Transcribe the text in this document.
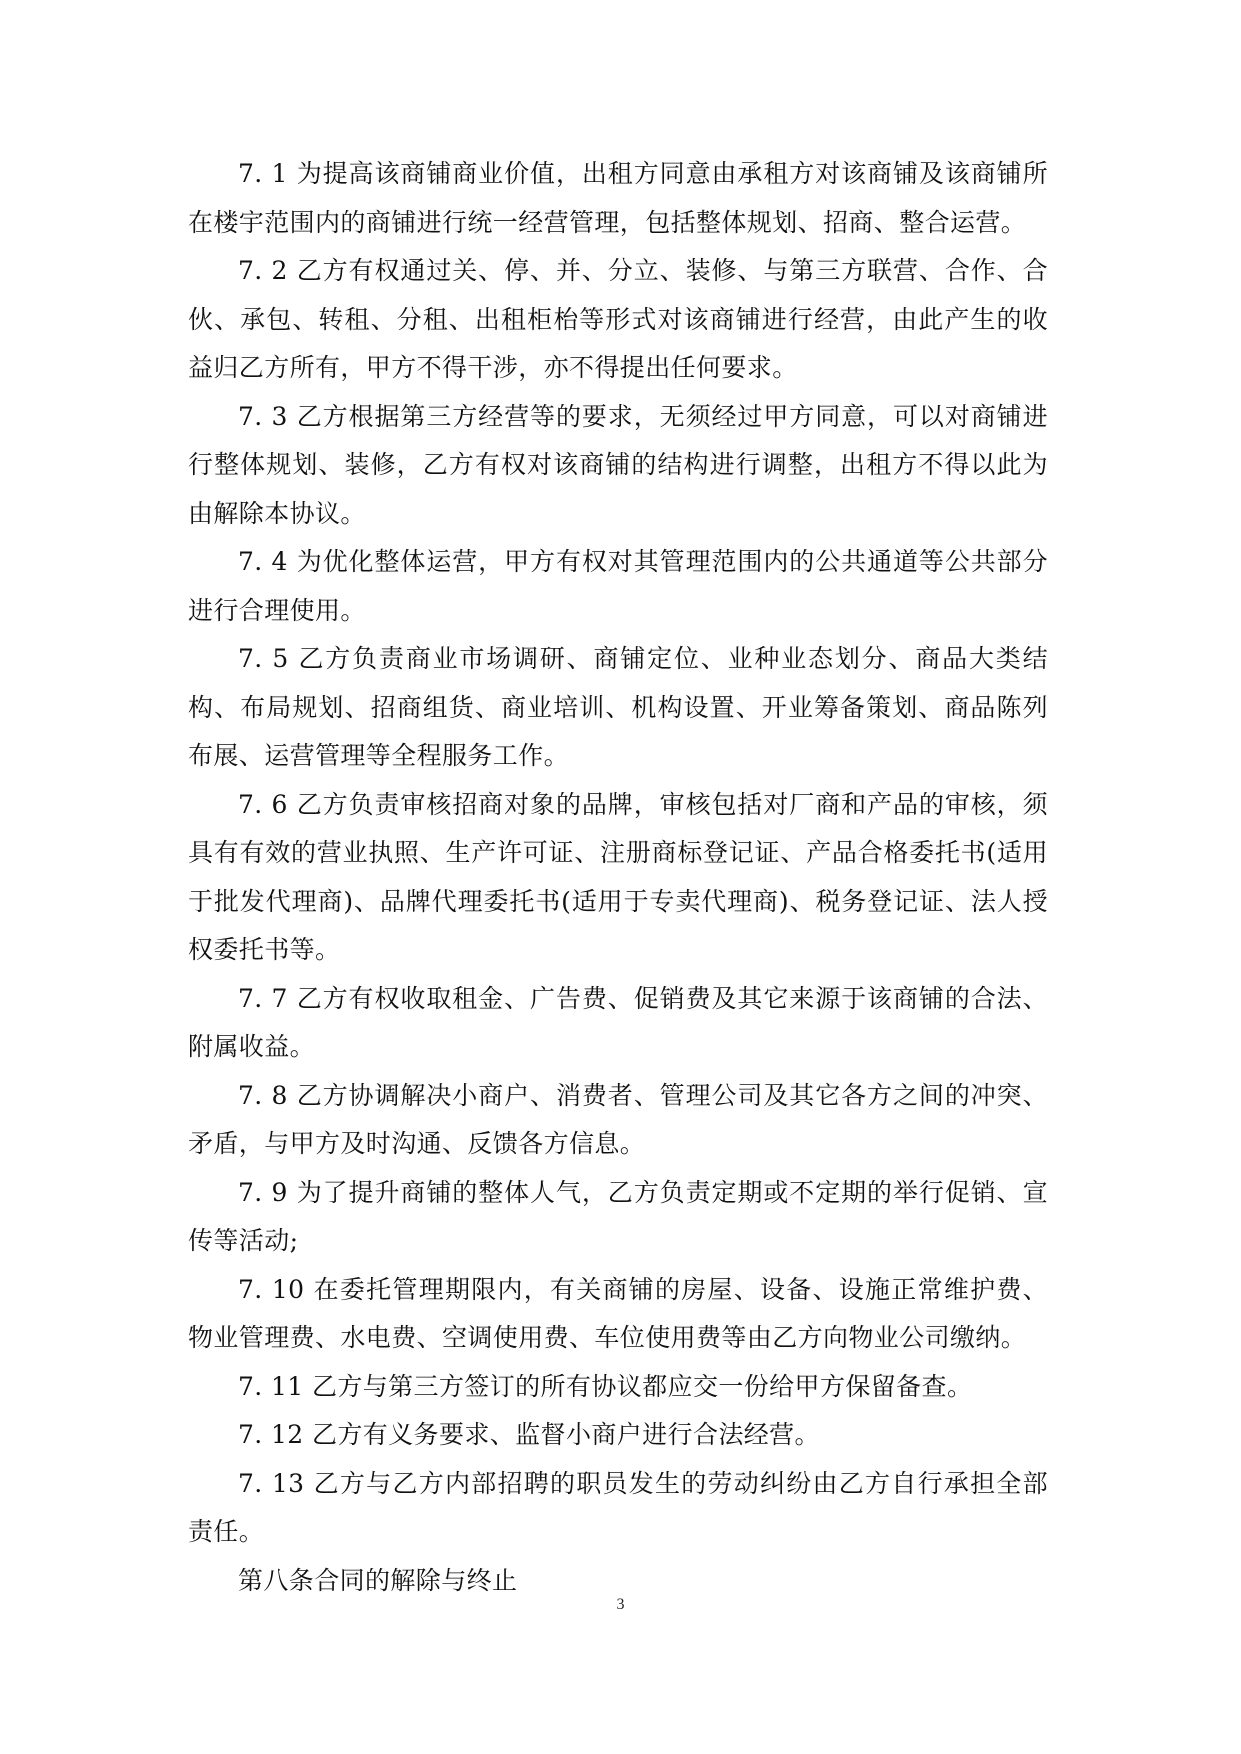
7. 1 为提高该商铺商业价值，出租方同意由承租方对该商铺及该商铺所在楼宇范围内的商铺进行统一经营管理，包括整体规划、招商、整合运营。

7. 2 乙方有权通过关、停、并、分立、装修、与第三方联营、合作、合伙、承包、转租、分租、出租柜枱等形式对该商铺进行经营，由此产生的收益归乙方所有，甲方不得干涉，亦不得提出任何要求。

7. 3 乙方根据第三方经营等的要求，无须经过甲方同意，可以对商铺进行整体规划、装修，乙方有权对该商铺的结构进行调整，出租方不得以此为由解除本协议。

7. 4 为优化整体运营，甲方有权对其管理范围内的公共通道等公共部分进行合理使用。

7. 5 乙方负责商业市场调研、商铺定位、业种业态划分、商品大类结构、布局规划、招商组货、商业培训、机构设置、开业筹备策划、商品陈列布展、运营管理等全程服务工作。

7. 6 乙方负责审核招商对象的品牌，审核包括对厂商和产品的审核，须具有有效的营业执照、生产许可证、注册商标登记证、产品合格委托书(适用于批发代理商)、品牌代理委托书(适用于专卖代理商)、税务登记证、法人授权委托书等。

7. 7 乙方有权收取租金、广告费、促销费及其它来源于该商铺的合法、附属收益。

7. 8 乙方协调解决小商户、消费者、管理公司及其它各方之间的冲突、矛盾，与甲方及时沟通、反馈各方信息。

7. 9 为了提升商铺的整体人气，乙方负责定期或不定期的举行促销、宣传等活动;

7. 10 在委托管理期限内，有关商铺的房屋、设备、设施正常维护费、物业管理费、水电费、空调使用费、车位使用费等由乙方向物业公司缴纳。

7. 11 乙方与第三方签订的所有协议都应交一份给甲方保留备查。

7. 12 乙方有义务要求、监督小商户进行合法经营。

7. 13 乙方与乙方内部招聘的职员发生的劳动纠纷由乙方自行承担全部责任。

第八条合同的解除与终止

3
